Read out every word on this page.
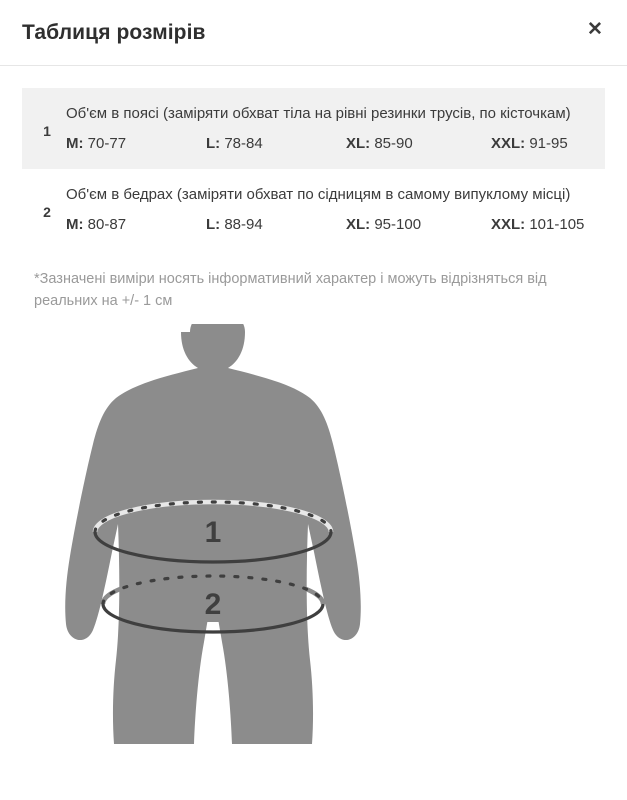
Таблиця розмірів	✕
1

Об'єм в поясі (заміряти обхват тіла на рівні резинки трусів, по кісточкам)

M: 70-77	L: 78-84	XL: 85-90	XXL: 91-95
2

Об'єм в бедрах (заміряти обхват по сідницям в самому випуклому місці)

M: 80-87	L: 88-94	XL: 95-100	XXL: 101-105

*Зазначені виміри носять інформативний характер і можуть відрізняться від реальних на +/- 1 см

1
2
